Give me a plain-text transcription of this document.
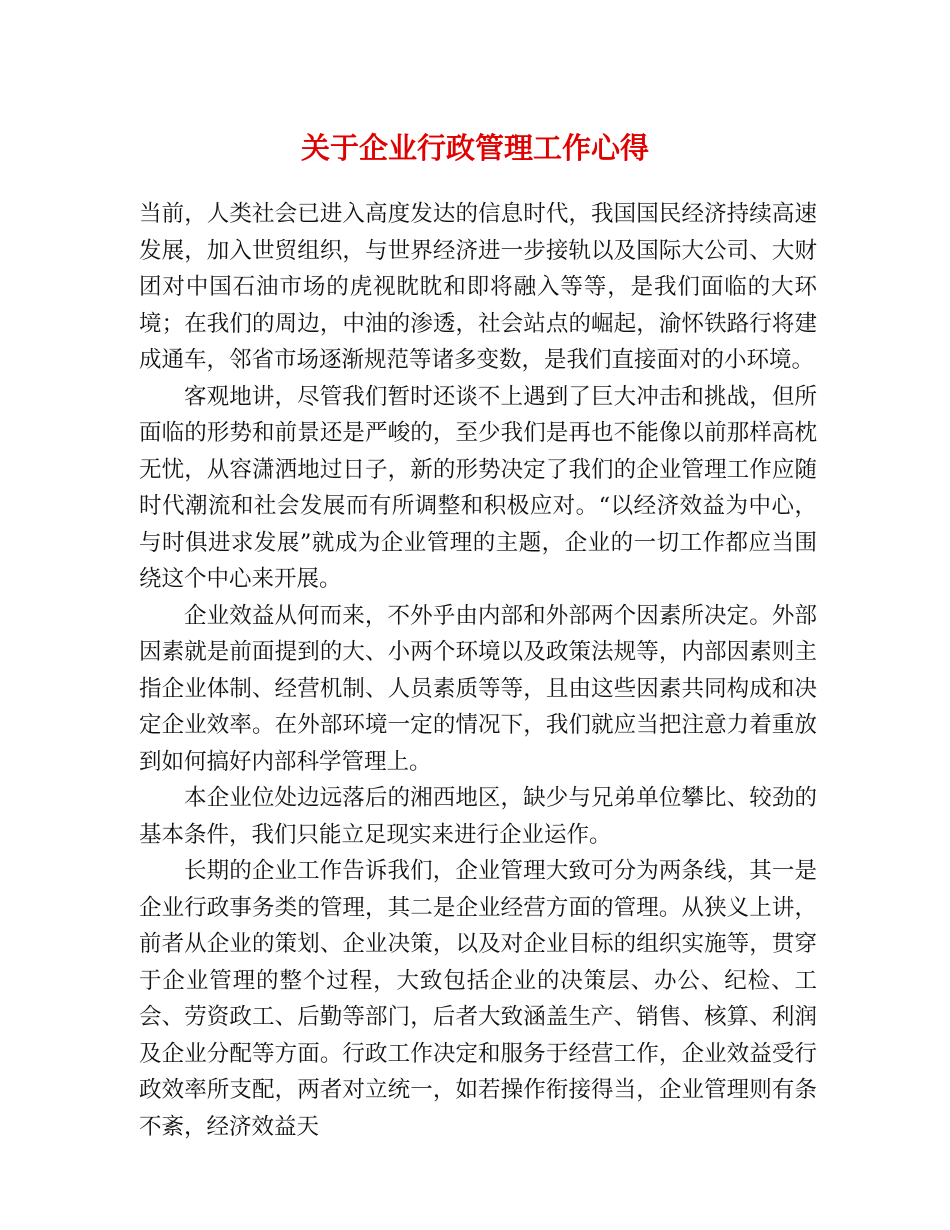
关于企业行政管理工作心得

当前，人类社会已进入高度发达的信息时代，我国国民经济持续高速发展，加入世贸组织，与世界经济进一步接轨以及国际大公司、大财团对中国石油市场的虎视眈眈和即将融入等等，是我们面临的大环境；在我们的周边，中油的渗透，社会站点的崛起，渝怀铁路行将建成通车，邻省市场逐渐规范等诸多变数，是我们直接面对的小环境。

客观地讲，尽管我们暂时还谈不上遇到了巨大冲击和挑战，但所面临的形势和前景还是严峻的，至少我们是再也不能像以前那样高枕无忧，从容潇洒地过日子，新的形势决定了我们的企业管理工作应随时代潮流和社会发展而有所调整和积极应对。“以经济效益为中心，与时俱进求发展”就成为企业管理的主题，企业的一切工作都应当围绕这个中心来开展。

企业效益从何而来，不外乎由内部和外部两个因素所决定。外部因素就是前面提到的大、小两个环境以及政策法规等，内部因素则主指企业体制、经营机制、人员素质等等，且由这些因素共同构成和决定企业效率。在外部环境一定的情况下，我们就应当把注意力着重放到如何搞好内部科学管理上。

本企业位处边远落后的湘西地区，缺少与兄弟单位攀比、较劲的基本条件，我们只能立足现实来进行企业运作。

长期的企业工作告诉我们，企业管理大致可分为两条线，其一是企业行政事务类的管理，其二是企业经营方面的管理。从狭义上讲，前者从企业的策划、企业决策，以及对企业目标的组织实施等，贯穿于企业管理的整个过程，大致包括企业的决策层、办公、纪检、工会、劳资政工、后勤等部门，后者大致涵盖生产、销售、核算、利润及企业分配等方面。行政工作决定和服务于经营工作，企业效益受行政效率所支配，两者对立统一，如若操作衔接得当，企业管理则有条不紊，经济效益天
